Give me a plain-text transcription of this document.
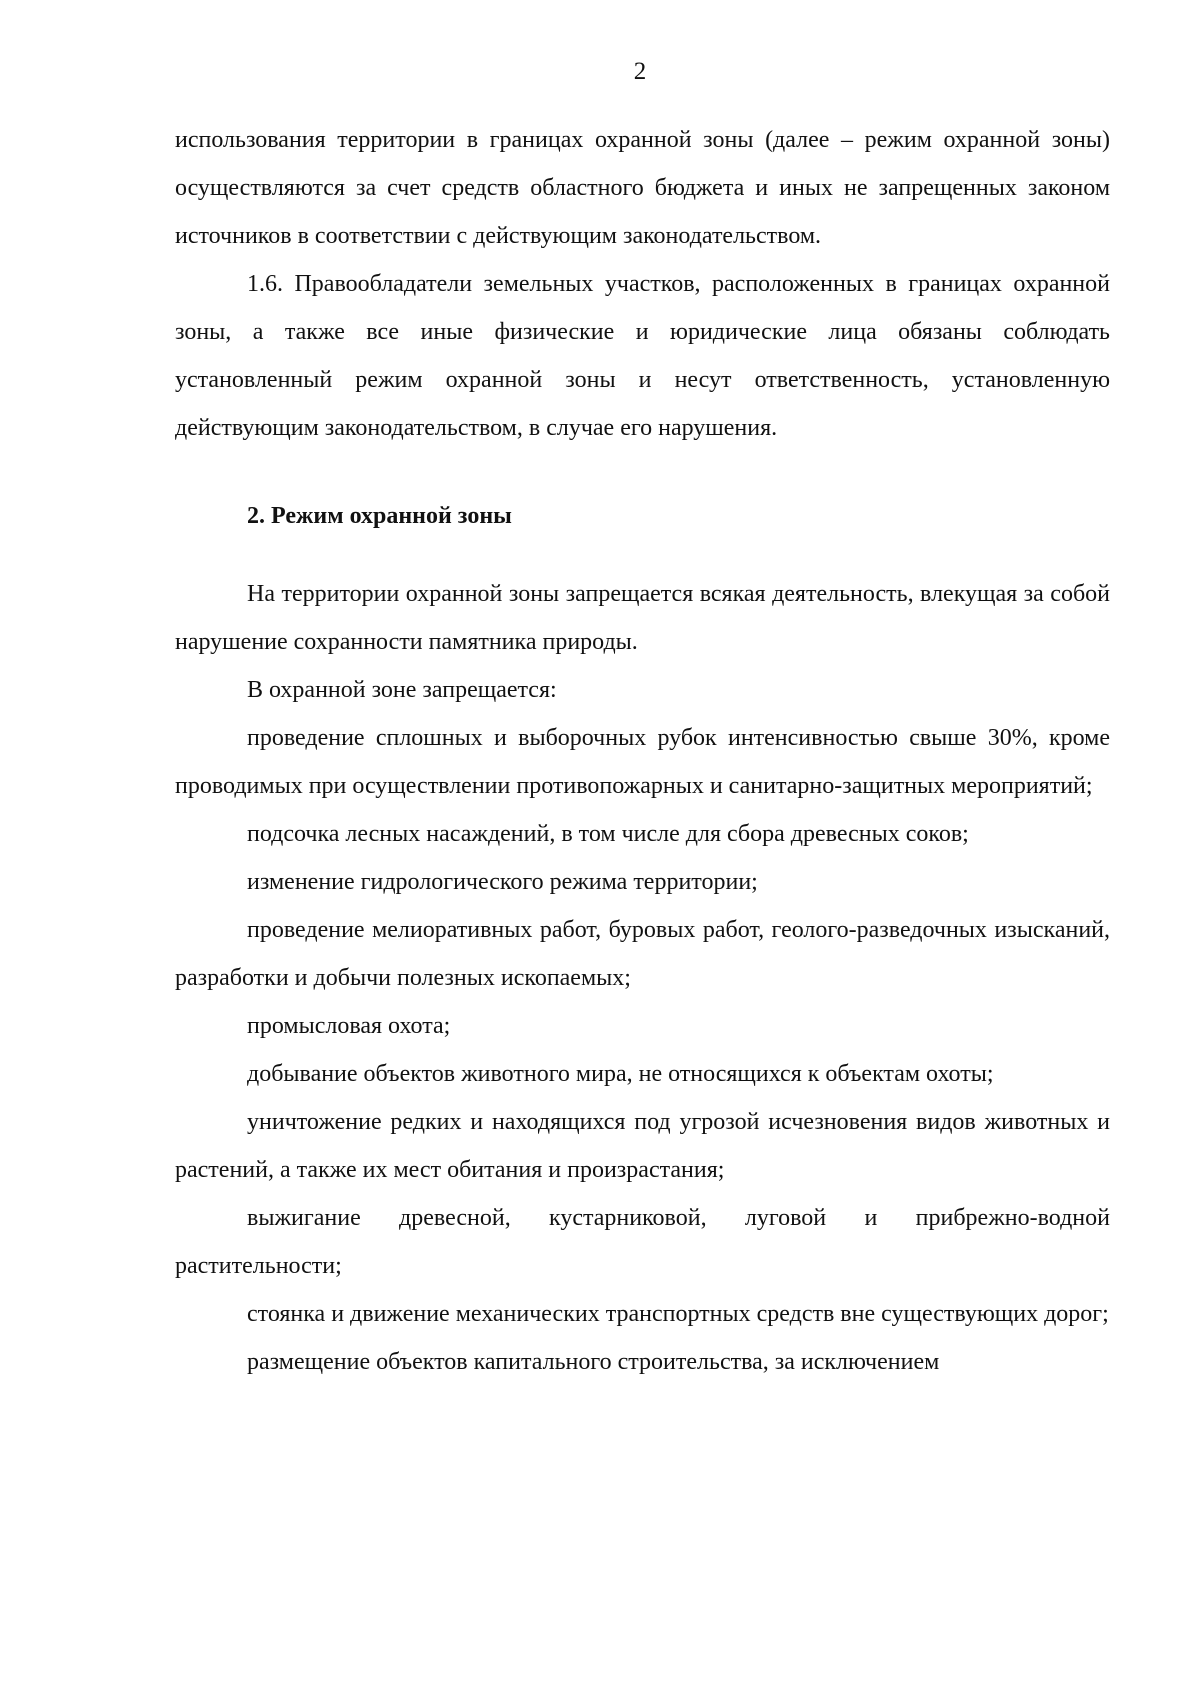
2

использования территории в границах охранной зоны (далее – режим охранной зоны) осуществляются за счет средств областного бюджета и иных не запрещенных законом источников в соответствии с действующим законодательством.

1.6. Правообладатели земельных участков, расположенных в границах охранной зоны, а также все иные физические и юридические лица обязаны соблюдать установленный режим охранной зоны и несут ответственность, установленную действующим законодательством, в случае его нарушения.

2. Режим охранной зоны

На территории охранной зоны запрещается всякая деятельность, влекущая за собой нарушение сохранности памятника природы.

В охранной зоне запрещается:

проведение сплошных и выборочных рубок интенсивностью свыше 30%, кроме проводимых при осуществлении противопожарных и санитарно-защитных мероприятий;

подсочка лесных насаждений, в том числе для сбора древесных соков;

изменение гидрологического режима территории;

проведение мелиоративных работ, буровых работ, геолого-разведочных изысканий, разработки и добычи полезных ископаемых;

промысловая охота;

добывание объектов животного мира, не относящихся к объектам охоты;

уничтожение редких и находящихся под угрозой исчезновения видов животных и растений, а также их мест обитания и произрастания;

выжигание древесной, кустарниковой, луговой и прибрежно-водной растительности;

стоянка и движение механических транспортных средств вне существующих дорог;

размещение объектов капитального строительства, за исключением
